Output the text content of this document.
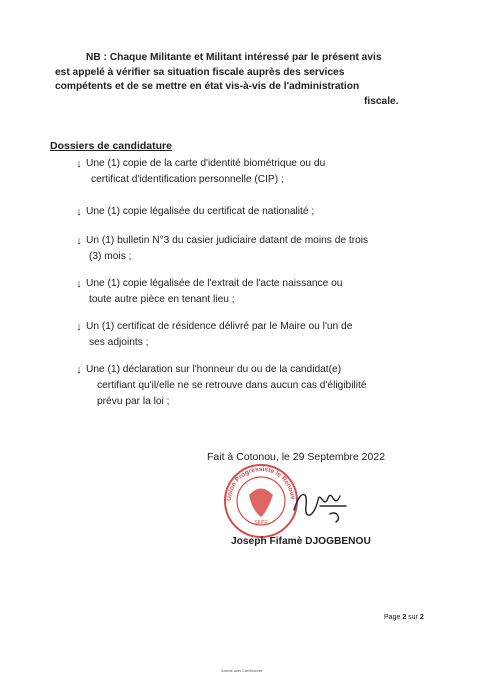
NB : Chaque Militante et Militant intéressé par le présent avis
est appelé à vérifier sa situation fiscale auprès des services
compétents et de se mettre en état vis-à-vis de l'administration
fiscale.
Dossiers de candidature
↓ Une (1) copie de la carte d'identité biométrique ou du
certificat d'identification personnelle (CIP) ;
↓ Une (1) copie légalisée du certificat de nationalité ;
↓ Un (1) bulletin N°3 du casier judiciaire datant de moins de trois
(3) mois ;
↓ Une (1) copie légalisée de l'extrait de l'acte naissance ou
toute autre pièce en tenant lieu ;
↓ Un (1) certificat de résidence délivré par le Maire ou l'un de
ses adjoints ;
↓ Une (1) déclaration sur l'honneur du ou de la candidat(e)
certifiant qu'il/elle ne se retrouve dans aucun cas d'éligibilité
prévu par la loi ;
Fait à Cotonou, le 29 Septembre 2022
Union Progressiste le Renouv
SEPR
Joseph Fifamè DJOGBENOU
Page 2 sur 2
Scanné avec CamScanner
